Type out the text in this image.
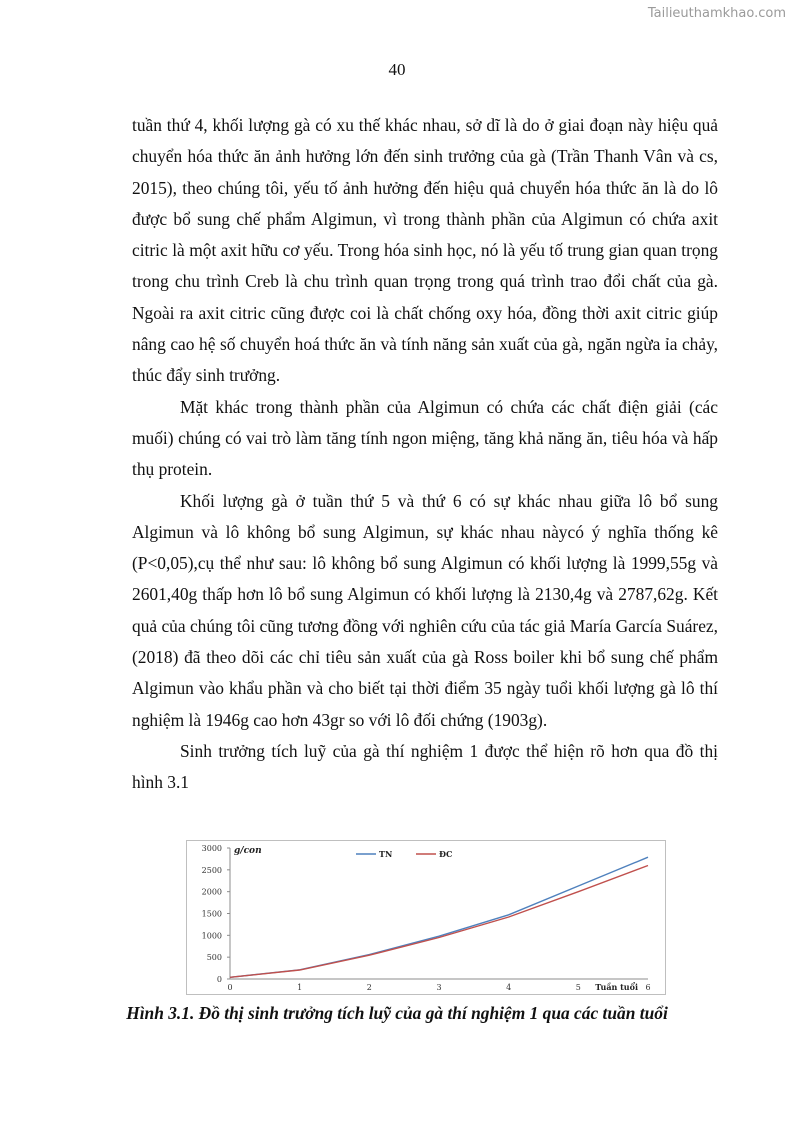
Tailieuthamkhao.com
40

tuần thứ 4, khối lượng gà có xu thế khác nhau, sở dĩ là do ở giai đoạn này hiệu quả chuyển hóa thức ăn ảnh hưởng lớn đến sinh trưởng của gà (Trần Thanh Vân và cs, 2015), theo chúng tôi, yếu tố ảnh hưởng đến hiệu quả chuyển hóa thức ăn là do lô được bổ sung chế phẩm Algimun, vì trong thành phần của Algimun có chứa axit citric là một axit hữu cơ yếu. Trong hóa sinh học, nó là yếu tố trung gian quan trọng trong chu trình Creb là chu trình quan trọng trong quá trình trao đổi chất của gà. Ngoài ra axit citric cũng được coi là chất chống oxy hóa, đồng thời axit citric giúp nâng cao hệ số chuyển hoá thức ăn và tính năng sản xuất của gà, ngăn ngừa ỉa chảy, thúc đẩy sinh trưởng.

Mặt khác trong thành phần của Algimun có chứa các chất điện giải (các muối) chúng có vai trò làm tăng tính ngon miệng, tăng khả năng ăn, tiêu hóa và hấp thụ protein.

Khối lượng gà ở tuần thứ 5 và thứ 6 có sự khác nhau giữa lô bổ sung Algimun và lô không bổ sung Algimun, sự khác nhau nàycó ý nghĩa thống kê (P<0,05),cụ thể như sau: lô không bổ sung Algimun có khối lượng là 1999,55g và 2601,40g thấp hơn lô bổ sung Algimun có khối lượng là 2130,4g và 2787,62g. Kết quả của chúng tôi cũng tương đồng với nghiên cứu của tác giả María García Suárez, (2018) đã theo dõi các chỉ tiêu sản xuất của gà Ross boiler khi bổ sung chế phẩm Algimun vào khẩu phần và cho biết tại thời điểm 35 ngày tuổi khối lượng gà lô thí nghiệm là 1946g cao hơn 43gr so với lô đối chứng (1903g).

Sinh trưởng tích luỹ của gà thí nghiệm 1 được thể hiện rõ hơn qua đồ thị hình 3.1

0
500
1000
1500
2000
2500
3000
0	1	2	3	4	5	6
g/con
Tuần tuổi
TN	ĐC
Hình 3.1. Đồ thị sinh trưởng tích luỹ của gà thí nghiệm 1 qua các tuần tuổi
